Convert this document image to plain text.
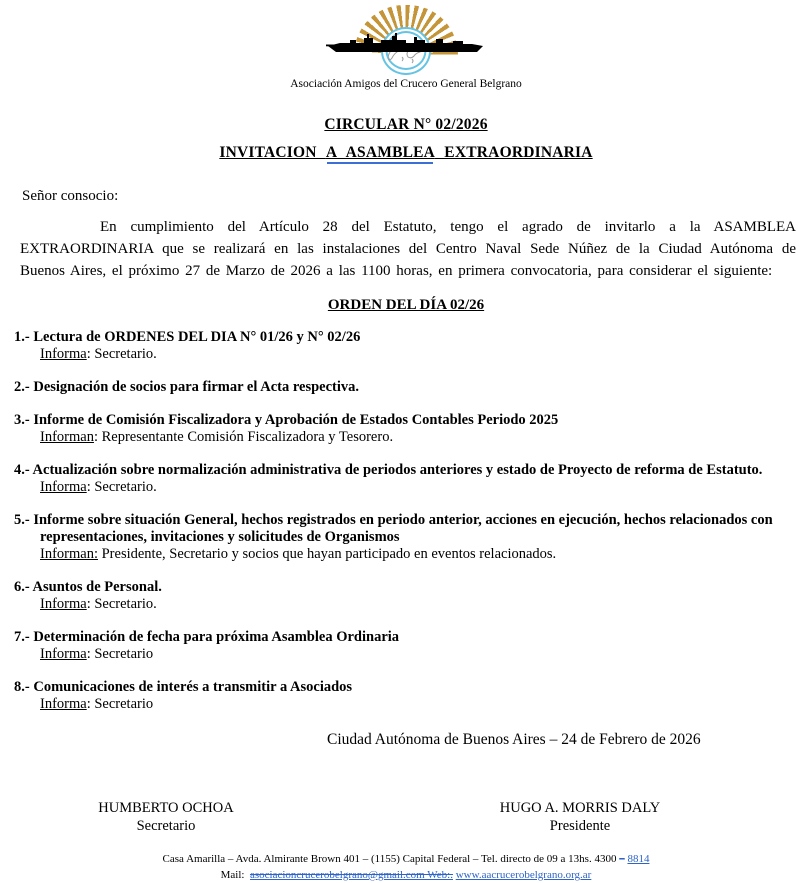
Asociación Amigos del Crucero General Belgrano
CIRCULAR N° 02/2026
INVITACION A ASAMBLEA EXTRAORDINARIA

Señor consocio:

En cumplimiento del Artículo 28 del Estatuto, tengo el agrado de invitarlo a la ASAMBLEA EXTRAORDINARIA que se realizará en las instalaciones del Centro Naval Sede Núñez de la Ciudad Autónoma de Buenos Aires, el próximo 27 de Marzo de 2026 a las 1100 horas, en primera convocatoria, para considerar el siguiente:

ORDEN DEL DÍA 02/26
1.- Lectura de ORDENES DEL DIA N° 01/26 y N° 02/26
Informa: Secretario.
2.- Designación de socios para firmar el Acta respectiva.
3.- Informe de Comisión Fiscalizadora y Aprobación de Estados Contables Periodo 2025
Informan: Representante Comisión Fiscalizadora y Tesorero.
4.- Actualización sobre normalización administrativa de periodos anteriores y estado de Proyecto de reforma de Estatuto.
Informa: Secretario.
5.- Informe sobre situación General, hechos registrados en periodo anterior, acciones en ejecución, hechos relacionados con representaciones, invitaciones y solicitudes de Organismos
Informan: Presidente, Secretario y socios que hayan participado en eventos relacionados.
6.- Asuntos de Personal.
Informa: Secretario.
7.- Determinación de fecha para próxima Asamblea Ordinaria
Informa: Secretario
8.- Comunicaciones de interés a transmitir a Asociados
Informa: Secretario
Ciudad Autónoma de Buenos Aires – 24 de Febrero de 2026
HUMBERTO OCHOA
Secretario
HUGO A. MORRIS DALY
Presidente
Casa Amarilla – Avda. Almirante Brown 401 – (1155) Capital Federal – Tel. directo de 09 a 13hs. 4300 – 8814
Mail: asociacioncrucerobelgrano@gmail.com Web:. www.aacrucerobelgrano.org.ar
